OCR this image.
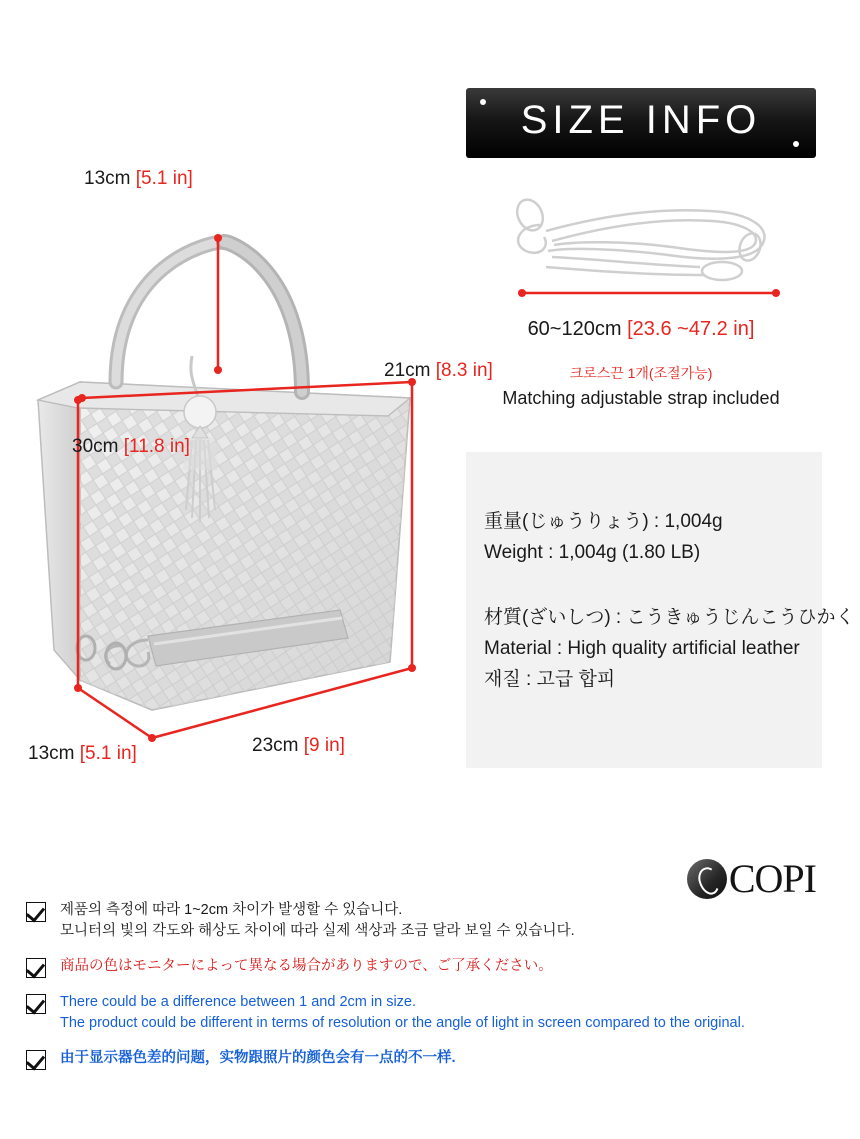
SIZE INFO
13cm [5.1 in]
21cm [8.3 in]
30cm [11.8 in]
13cm [5.1 in]	23cm [9 in]
60~120cm [23.6 ~47.2 in]
크로스끈 1개(조절가능)
Matching adjustable strap included
重量(じゅうりょう) : 1,004g
Weight : 1,004g (1.80 LB)
材質(ざいしつ) : こうきゅうじんこうひかく
Material : High quality artificial leather
재질 : 고급 합피
COPI
제품의 측정에 따라 1~2cm 차이가 발생할 수 있습니다.
모니터의 빛의 각도와 해상도 차이에 따라 실제 색상과 조금 달라 보일 수 있습니다.
商品の色はモニターによって異なる場合がありますので、ご了承ください。
There could be a difference between 1 and 2cm in size.
The product could be different in terms of resolution or the angle of light in screen compared to the original.
由于显示器色差的问题，实物跟照片的颜色会有一点的不一样.
